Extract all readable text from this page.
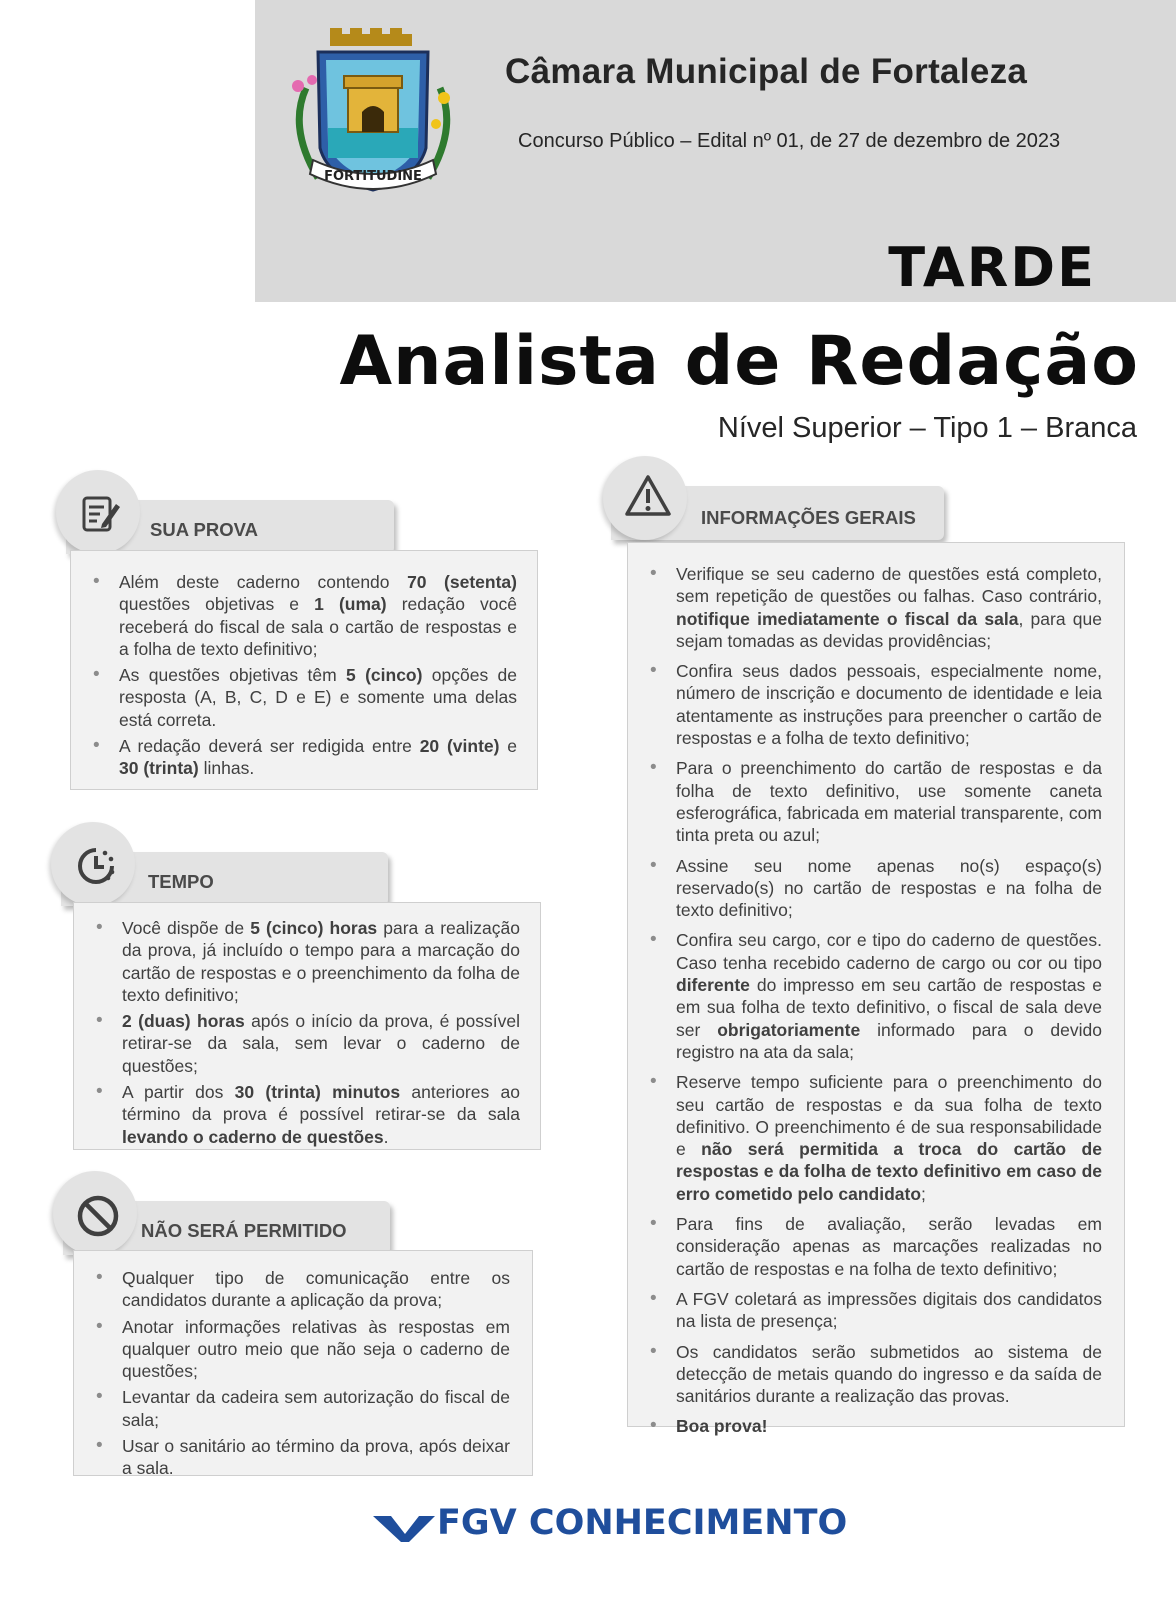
FORTITUDINE
Câmara Municipal de Fortaleza
Concurso Público – Edital nº 01, de 27 de dezembro de 2023
TARDE
Analista de Redação
Nível Superior – Tipo 1 – Branca
SUA PROVA
• Além deste caderno contendo 70 (setenta) questões objetivas e 1 (uma) redação você receberá do fiscal de sala o cartão de respostas e a folha de texto definitivo;
• As questões objetivas têm 5 (cinco) opções de resposta (A, B, C, D e E) e somente uma delas está correta.
• A redação deverá ser redigida entre 20 (vinte) e 30 (trinta) linhas.
TEMPO
• Você dispõe de 5 (cinco) horas para a realização da prova, já incluído o tempo para a marcação do cartão de respostas e o preenchimento da folha de texto definitivo;
• 2 (duas) horas após o início da prova, é possível retirar-se da sala, sem levar o caderno de questões;
• A partir dos 30 (trinta) minutos anteriores ao término da prova é possível retirar-se da sala levando o caderno de questões.
NÃO SERÁ PERMITIDO
• Qualquer tipo de comunicação entre os candidatos durante a aplicação da prova;
• Anotar informações relativas às respostas em qualquer outro meio que não seja o caderno de questões;
• Levantar da cadeira sem autorização do fiscal de sala;
• Usar o sanitário ao término da prova, após deixar a sala.
INFORMAÇÕES GERAIS
• Verifique se seu caderno de questões está completo, sem repetição de questões ou falhas. Caso contrário, notifique imediatamente o fiscal da sala, para que sejam tomadas as devidas providências;
• Confira seus dados pessoais, especialmente nome, número de inscrição e documento de identidade e leia atentamente as instruções para preencher o cartão de respostas e a folha de texto definitivo;
• Para o preenchimento do cartão de respostas e da folha de texto definitivo, use somente caneta esferográfica, fabricada em material transparente, com tinta preta ou azul;
• Assine seu nome apenas no(s) espaço(s) reservado(s) no cartão de respostas e na folha de texto definitivo;
• Confira seu cargo, cor e tipo do caderno de questões. Caso tenha recebido caderno de cargo ou cor ou tipo diferente do impresso em seu cartão de respostas e em sua folha de texto definitivo, o fiscal de sala deve ser obrigatoriamente informado para o devido registro na ata da sala;
• Reserve tempo suficiente para o preenchimento do seu cartão de respostas e da sua folha de texto definitivo. O preenchimento é de sua responsabilidade e não será permitida a troca do cartão de respostas e da folha de texto definitivo em caso de erro cometido pelo candidato;
• Para fins de avaliação, serão levadas em consideração apenas as marcações realizadas no cartão de respostas e na folha de texto definitivo;
• A FGV coletará as impressões digitais dos candidatos na lista de presença;
• Os candidatos serão submetidos ao sistema de detecção de metais quando do ingresso e da saída de sanitários durante a realização das provas.
• Boa prova!
FGV CONHECIMENTO
